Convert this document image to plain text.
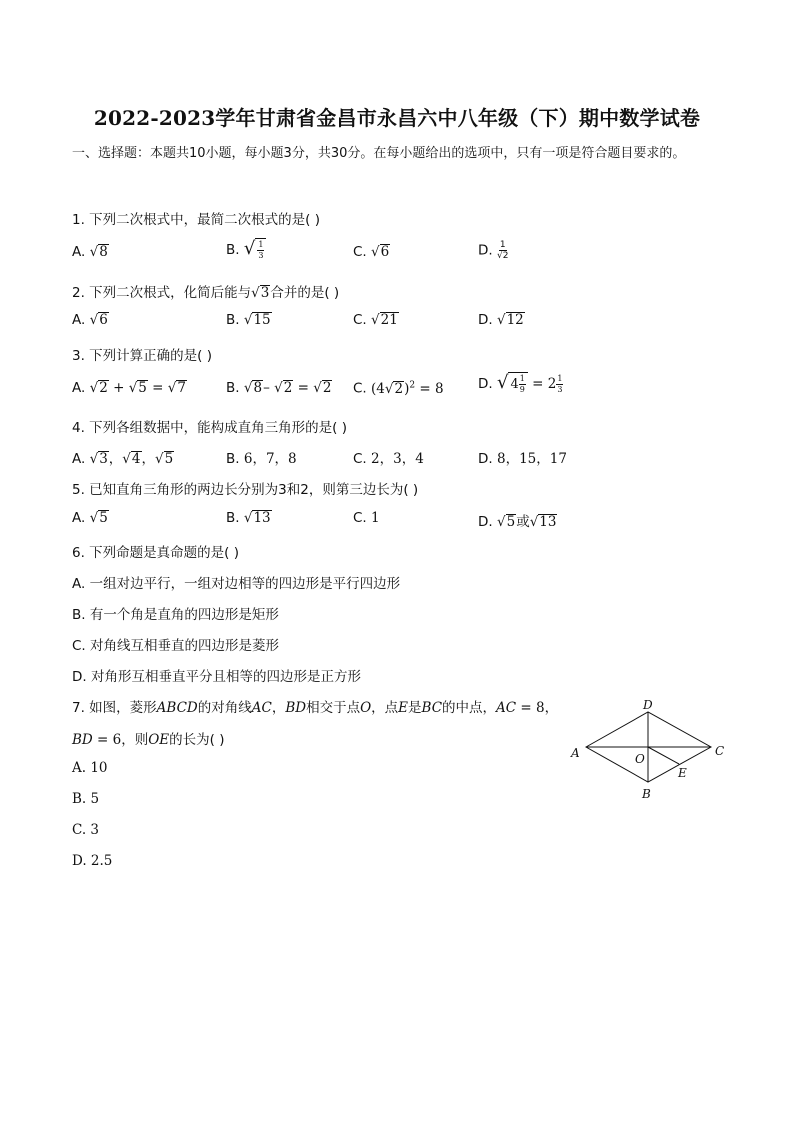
2022-2023学年甘肃省金昌市永昌六中八年级（下）期中数学试卷
一、选择题：本题共10小题，每小题3分，共30分。在每小题给出的选项中，只有一项是符合题目要求的。
1. 下列二次根式中，最简二次根式的是( )
A. √8	B. √ $\frac{1}{3}$	C. √6	D. $\frac{1}{√2}$
2. 下列二次根式，化简后能与√3合并的是( )
A. √6	B. √15	C. √21	D. √12
3. 下列计算正确的是( )
A. √2 + √5 = √7	B. √8– √2 = √2 C. $(4√2)^2 = 8$	D. √ $4 \frac{1}{9} = 2 \frac{1}{3}$
4. 下列各组数据中，能构成直角三角形的是( )
A. √3，√4，√5	B. 6，7，8	C. 2，3，4	D. 8，15，17
5. 已知直角三角形的两边长分别为3和2，则第三边长为( )
A. √5	B. √13	C. 1	D. √5或√13
6. 下列命题是真命题的是( )
A. 一组对边平行，一组对边相等的四边形是平行四边形
B. 有一个角是直角的四边形是矩形
C. 对角线互相垂直的四边形是菱形
D. 对角形互相垂直平分且相等的四边形是正方形
7. 如图，菱形ABCD的对角线AC，BD相交于点O，点E是BC的中点，AC = 8，
BD = 6，则OE的长为( )
A. 10
B. 5
C. 3
D. 2.5
D
A	C
O
E
B
